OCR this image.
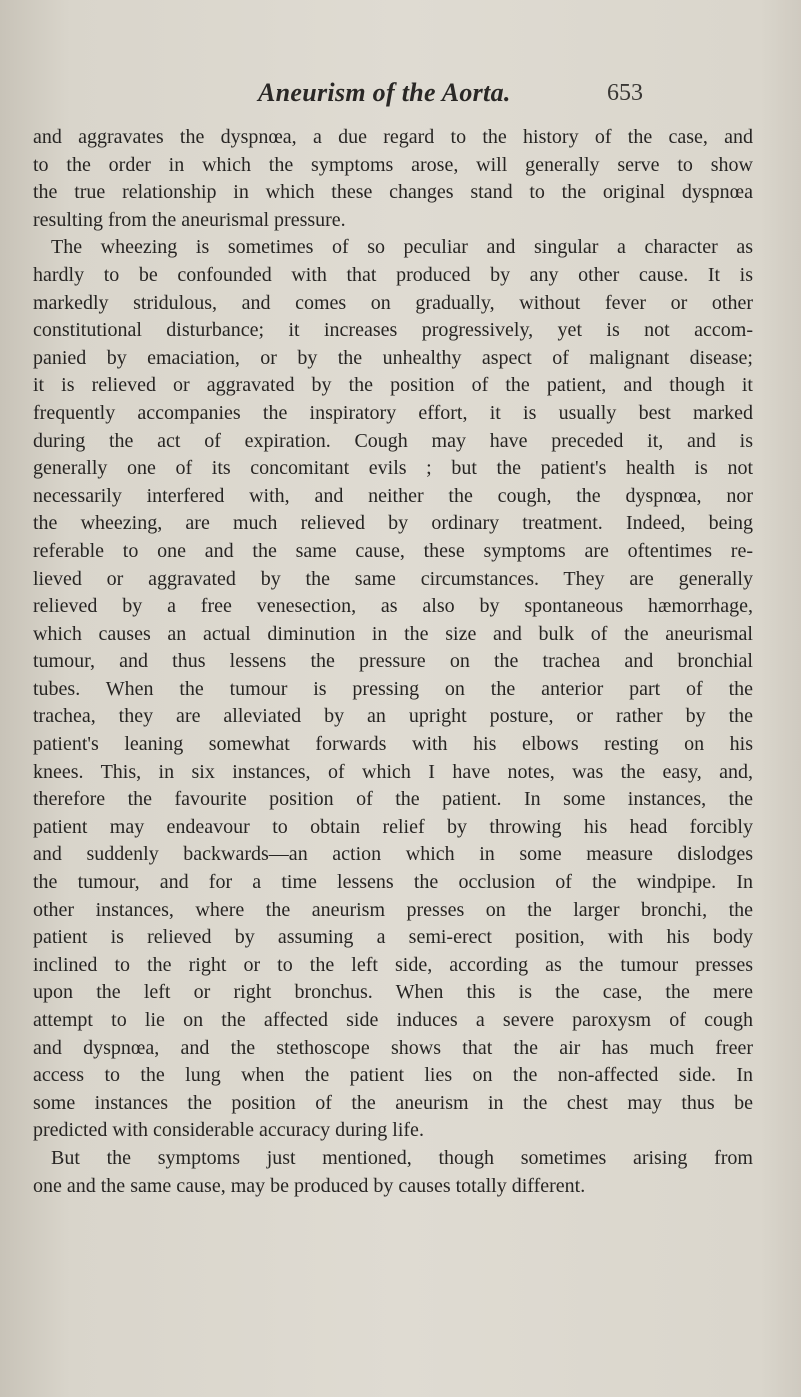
Aneurism of the Aorta.	653
and aggravates the dyspnœa, a due regard to the history of the case, and
to the order in which the symptoms arose, will generally serve to show
the true relationship in which these changes stand to the original dyspnœa
resulting from the aneurismal pressure.
The wheezing is sometimes of so peculiar and singular a character as
hardly to be confounded with that produced by any other cause. It is
markedly stridulous, and comes on gradually, without fever or other
constitutional disturbance; it increases progressively, yet is not accom-
panied by emaciation, or by the unhealthy aspect of malignant disease;
it is relieved or aggravated by the position of the patient, and though it
frequently accompanies the inspiratory effort, it is usually best marked
during the act of expiration. Cough may have preceded it, and is
generally one of its concomitant evils ; but the patient's health is not
necessarily interfered with, and neither the cough, the dyspnœa, nor
the wheezing, are much relieved by ordinary treatment. Indeed, being
referable to one and the same cause, these symptoms are oftentimes re-
lieved or aggravated by the same circumstances. They are generally
relieved by a free venesection, as also by spontaneous hæmorrhage,
which causes an actual diminution in the size and bulk of the aneurismal
tumour, and thus lessens the pressure on the trachea and bronchial
tubes. When the tumour is pressing on the anterior part of the
trachea, they are alleviated by an upright posture, or rather by the
patient's leaning somewhat forwards with his elbows resting on his
knees. This, in six instances, of which I have notes, was the easy, and,
therefore the favourite position of the patient. In some instances, the
patient may endeavour to obtain relief by throwing his head forcibly
and suddenly backwards—an action which in some measure dislodges
the tumour, and for a time lessens the occlusion of the windpipe. In
other instances, where the aneurism presses on the larger bronchi, the
patient is relieved by assuming a semi-erect position, with his body
inclined to the right or to the left side, according as the tumour presses
upon the left or right bronchus. When this is the case, the mere
attempt to lie on the affected side induces a severe paroxysm of cough
and dyspnœa, and the stethoscope shows that the air has much freer
access to the lung when the patient lies on the non-affected side. In
some instances the position of the aneurism in the chest may thus be
predicted with considerable accuracy during life.
But the symptoms just mentioned, though sometimes arising from
one and the same cause, may be produced by causes totally different.
